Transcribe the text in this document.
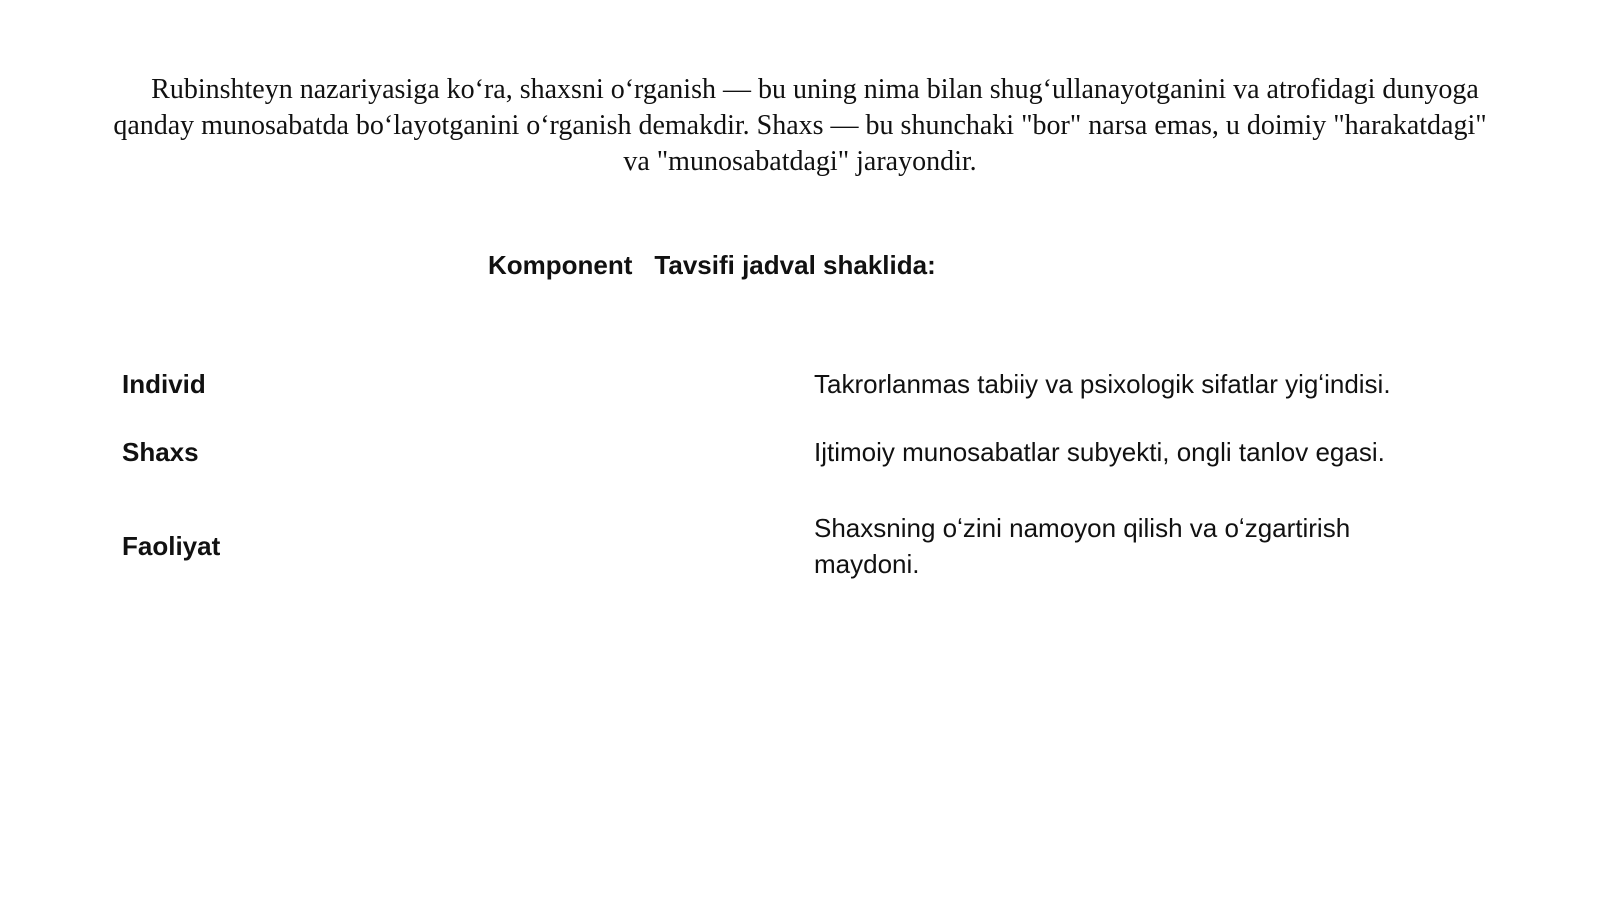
Rubinshteyn nazariyasiga koʻra, shaxsni oʻrganish — bu uning nima bilan shugʻullanayotganini va atrofidagi dunyoga qanday munosabatda boʻlayotganini oʻrganish demakdir. Shaxs — bu shunchaki "bor" narsa emas, u doimiy "harakatdagi" va "munosabatdagi" jarayondir.

Komponent Tavsifi jadval shaklida:
Individ	Takrorlanmas tabiiy va psixologik sifatlar yigʻindisi.
Shaxs	Ijtimoiy munosabatlar subyekti, ongli tanlov egasi.
Faoliyat
Shaxsning oʻzini namoyon qilish va oʻzgartirish maydoni.
